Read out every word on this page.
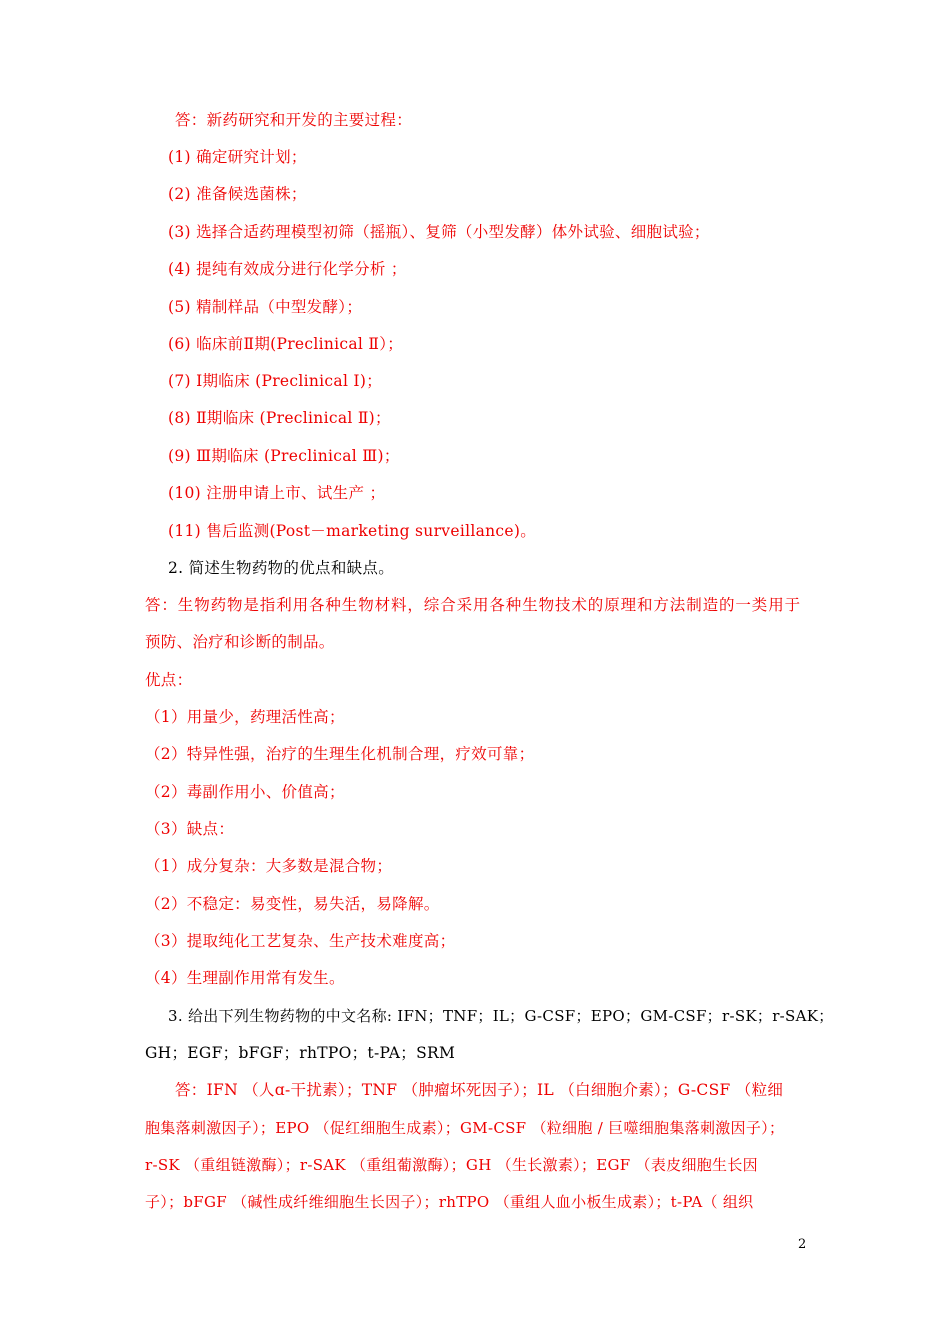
答：新药研究和开发的主要过程：
(1) 确定研究计划；
(2) 准备候选菌株；
(3) 选择合适药理模型初筛（摇瓶）、复筛（小型发酵）体外试验、细胞试验；
(4) 提纯有效成分进行化学分析 ；
(5) 精制样品（中型发酵）；
(6) 临床前Ⅱ期(Preclinical Ⅱ）；
(7) Ⅰ期临床 (Preclinical I)；
(8) Ⅱ期临床 (Preclinical Ⅱ)；
(9) Ⅲ期临床 (Preclinical Ⅲ)；
(10) 注册申请上市、试生产 ；
(11) 售后监测(Post－marketing surveillance)。
2. 简述生物药物的优点和缺点。
答：生物药物是指利用各种生物材料，综合采用各种生物技术的原理和方法制造的一类用于
预防、治疗和诊断的制品。
优点：
（1）用量少，药理活性高；
（2）特异性强，治疗的生理生化机制合理，疗效可靠；
（2）毒副作用小、价值高；
（3）缺点：
（1）成分复杂：大多数是混合物；
（2）不稳定：易变性，易失活，易降解。
（3）提取纯化工艺复杂、生产技术难度高；
（4）生理副作用常有发生。
3. 给出下列生物药物的中文名称: IFN；TNF；IL；G-CSF；EPO；GM-CSF；r-SK；r-SAK；
GH；EGF；bFGF；rhTPO；t-PA；SRM
答：IFN （人ɑ-干扰素）；TNF （肿瘤坏死因子）；IL （白细胞介素）；G-CSF （粒细
胞集落刺激因子）；EPO （促红细胞生成素）；GM-CSF （粒细胞 / 巨噬细胞集落刺激因子）；
r-SK （重组链激酶）；r-SAK （重组葡激酶）；GH （生长激素）；EGF （表皮细胞生长因
子）；bFGF （碱性成纤维细胞生长因子）；rhTPO （重组人血小板生成素）；t-PA（ 组织
2
